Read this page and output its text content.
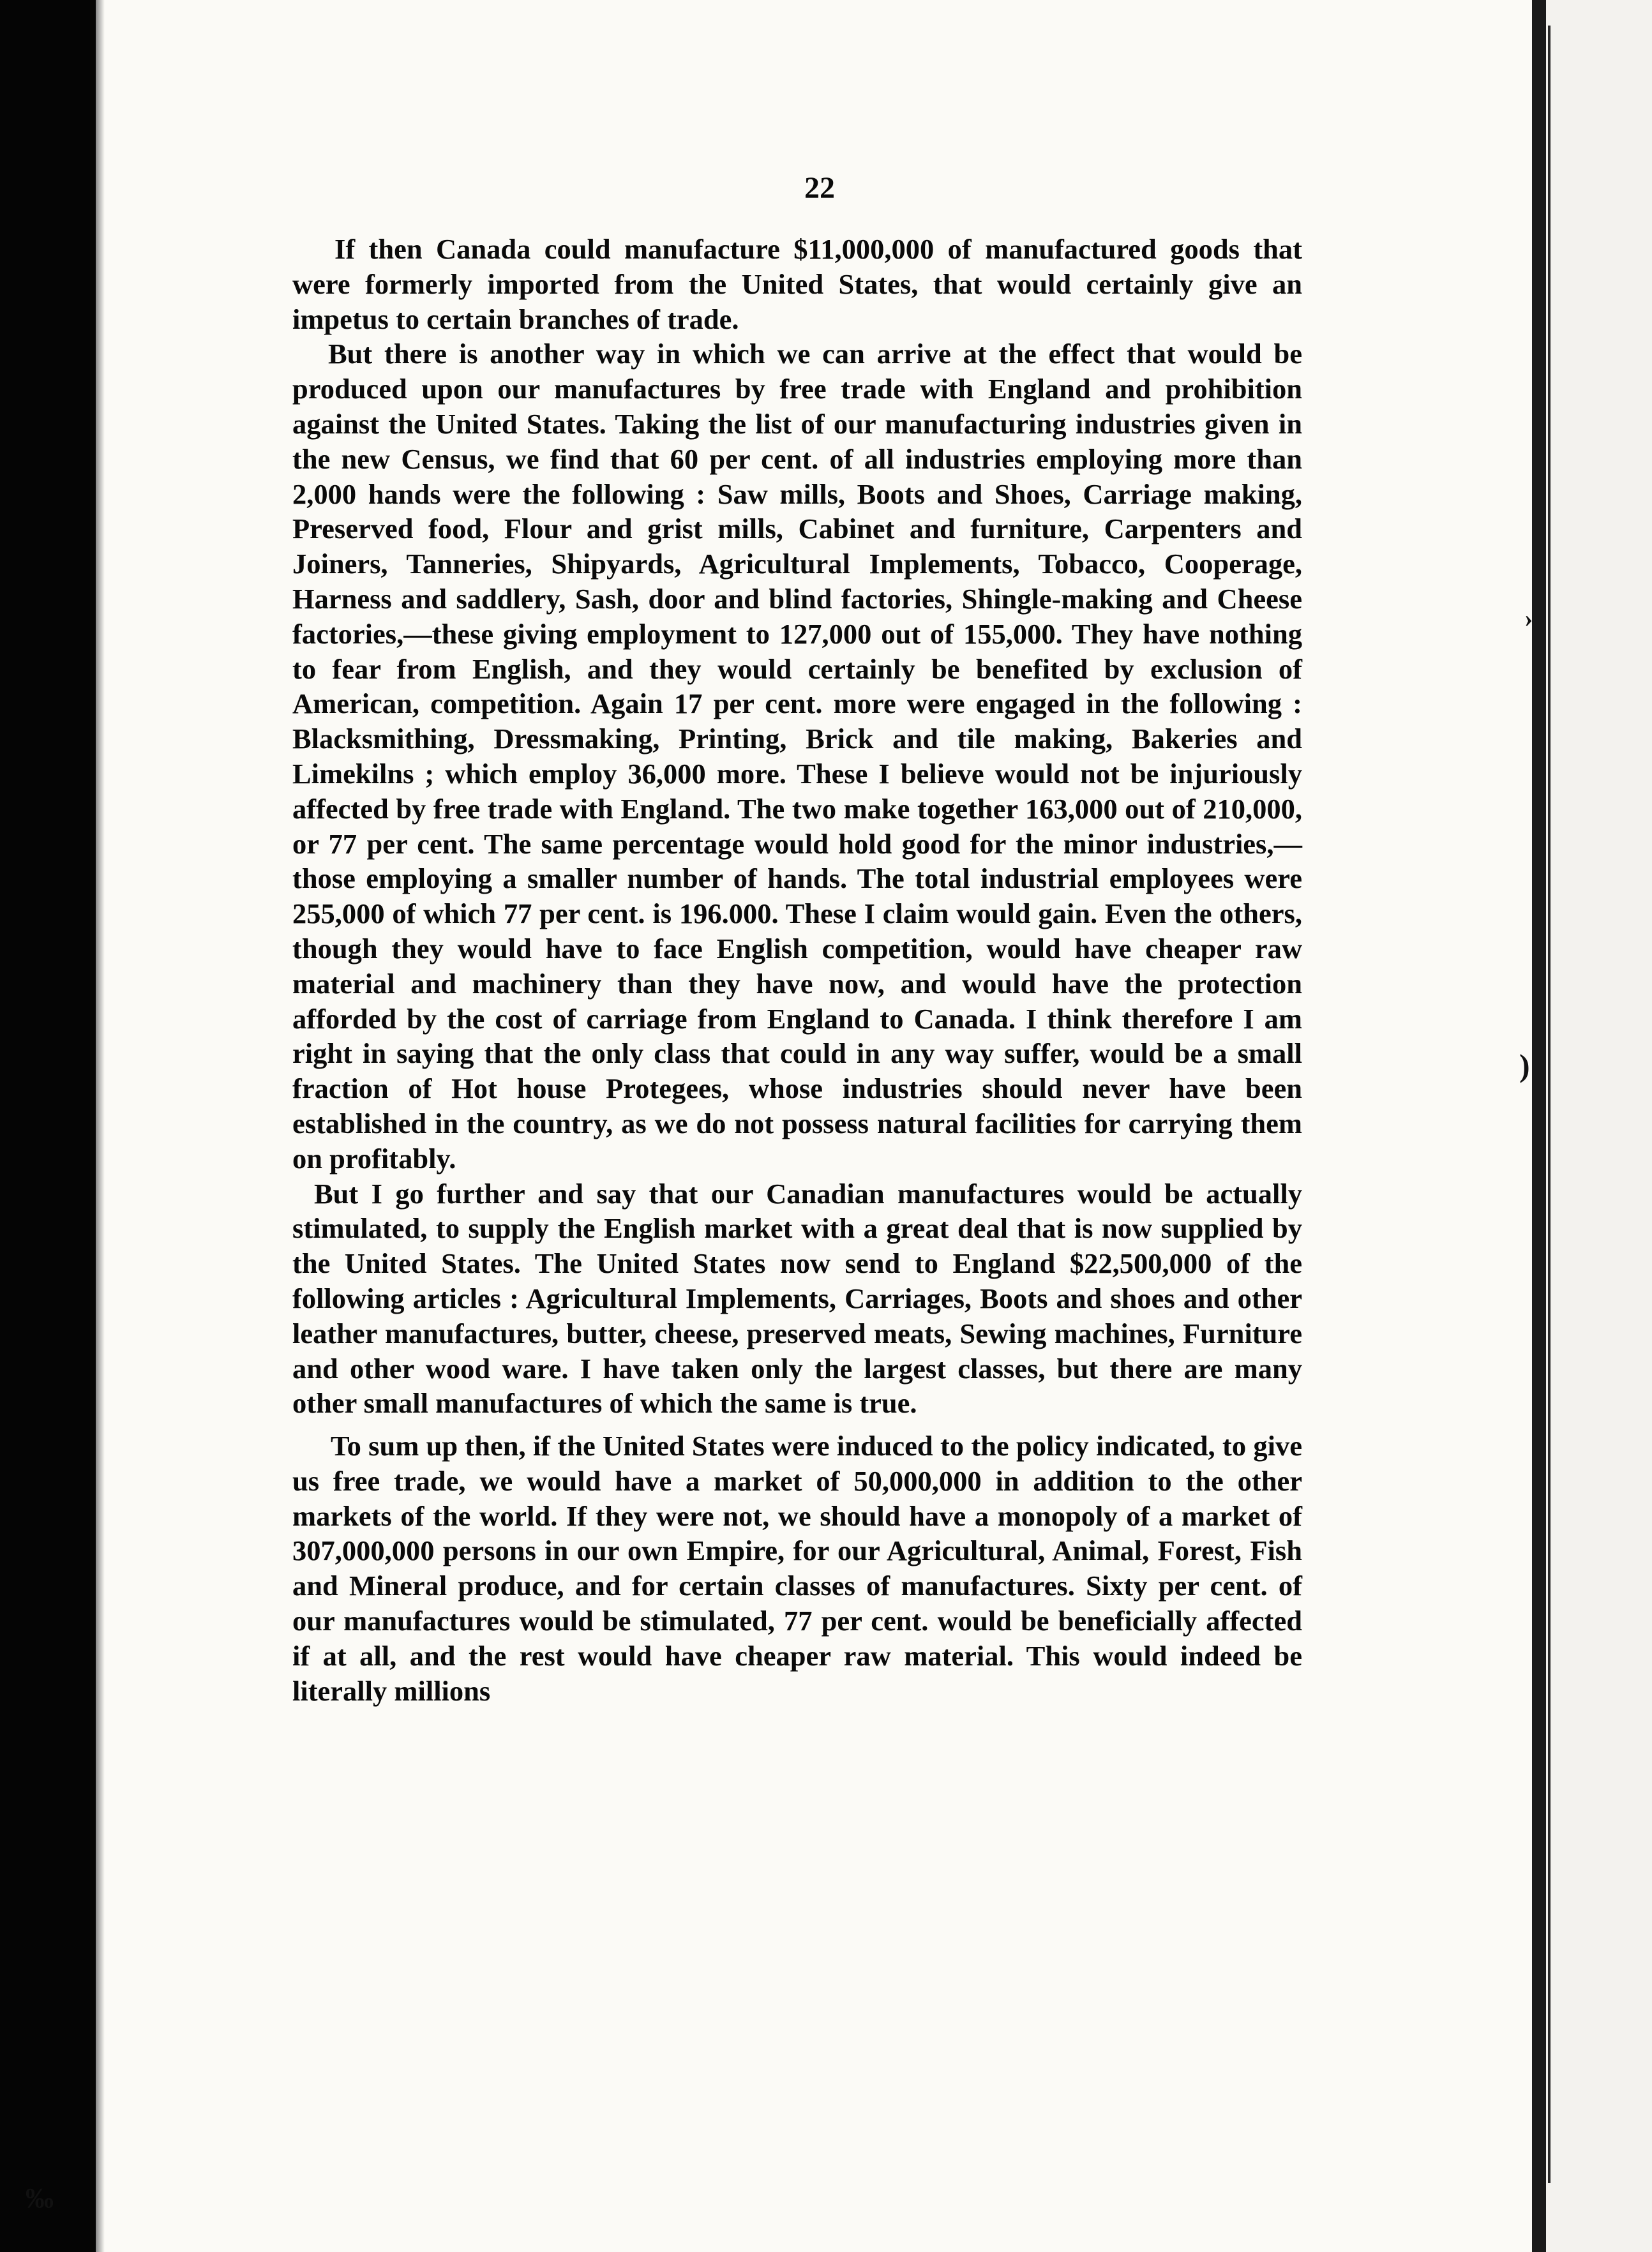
›
)
‰
22

If then Canada could manufacture $11,000,000 of manufactured goods that were formerly imported from the United States, that would certainly give an impetus to certain branches of trade.

But there is another way in which we can arrive at the effect that would be produced upon our manufactures by free trade with England and prohibition against the United States. Taking the list of our manufacturing industries given in the new Census, we find that 60 per cent. of all industries employing more than 2,000 hands were the following : Saw mills, Boots and Shoes, Carriage making, Preserved food, Flour and grist mills, Cabinet and furniture, Carpenters and Joiners, Tanneries, Shipyards, Agricultural Implements, Tobacco, Cooperage, Harness and saddlery, Sash, door and blind factories, Shingle-making and Cheese factories,—these giving employment to 127,000 out of 155,000. They have nothing to fear from English, and they would certainly be benefited by exclusion of American, competition. Again 17 per cent. more were engaged in the following : Blacksmithing, Dressmaking, Printing, Brick and tile making, Bakeries and Limekilns ; which employ 36,000 more. These I believe would not be injuriously affected by free trade with England. The two make together 163,000 out of 210,000, or 77 per cent. The same percentage would hold good for the minor industries,—those employing a smaller number of hands. The total industrial employees were 255,000 of which 77 per cent. is 196.000. These I claim would gain. Even the others, though they would have to face English competition, would have cheaper raw material and machinery than they have now, and would have the protection afforded by the cost of carriage from England to Canada. I think therefore I am right in saying that the only class that could in any way suffer, would be a small fraction of Hot house Protegees, whose industries should never have been established in the country, as we do not possess natural facilities for carrying them on profitably.

But I go further and say that our Canadian manufactures would be actually stimulated, to supply the English market with a great deal that is now supplied by the United States. The United States now send to England $22,500,000 of the following articles : Agricultural Implements, Carriages, Boots and shoes and other leather manufactures, butter, cheese, preserved meats, Sewing machines, Furniture and other wood ware. I have taken only the largest classes, but there are many other small manufactures of which the same is true.

To sum up then, if the United States were induced to the policy indicated, to give us free trade, we would have a market of 50,000,000 in addition to the other markets of the world. If they were not, we should have a monopoly of a market of 307,000,000 persons in our own Empire, for our Agricultural, Animal, Forest, Fish and Mineral produce, and for certain classes of manufactures. Sixty per cent. of our manufactures would be stimulated, 77 per cent. would be beneficially affected if at all, and the rest would have cheaper raw material. This would indeed be literally millions
